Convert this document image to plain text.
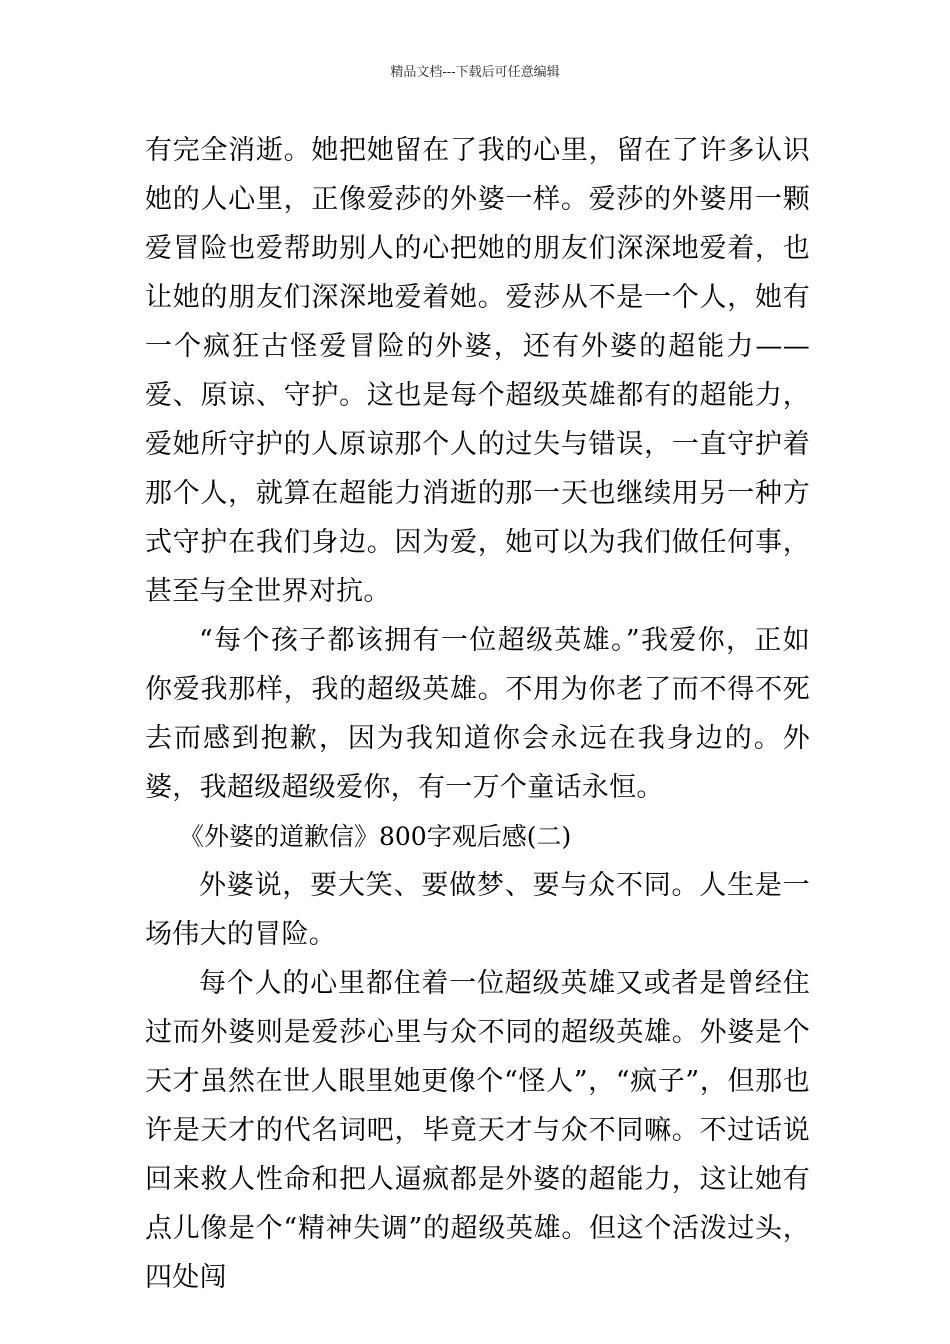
精品文档---下载后可任意编辑

有完全消逝。她把她留在了我的心里，留在了许多认识她的人心里，正像爱莎的外婆一样。爱莎的外婆用一颗爱冒险也爱帮助别人的心把她的朋友们深深地爱着，也让她的朋友们深深地爱着她。爱莎从不是一个人，她有一个疯狂古怪爱冒险的外婆，还有外婆的超能力——爱、原谅、守护。这也是每个超级英雄都有的超能力，爱她所守护的人原谅那个人的过失与错误，一直守护着那个人，就算在超能力消逝的那一天也继续用另一种方式守护在我们身边。因为爱，她可以为我们做任何事，甚至与全世界对抗。

“每个孩子都该拥有一位超级英雄。”我爱你，正如你爱我那样，我的超级英雄。不用为你老了而不得不死去而感到抱歉，因为我知道你会永远在我身边的。外婆，我超级超级爱你，有一万个童话永恒。

《外婆的道歉信》800字观后感(二)

外婆说，要大笑、要做梦、要与众不同。人生是一场伟大的冒险。

每个人的心里都住着一位超级英雄又或者是曾经住过而外婆则是爱莎心里与众不同的超级英雄。外婆是个天才虽然在世人眼里她更像个“怪人”，“疯子”，但那也许是天才的代名词吧，毕竟天才与众不同嘛。不过话说回来救人性命和把人逼疯都是外婆的超能力，这让她有点儿像是个“精神失调”的超级英雄。但这个活泼过头，四处闯
